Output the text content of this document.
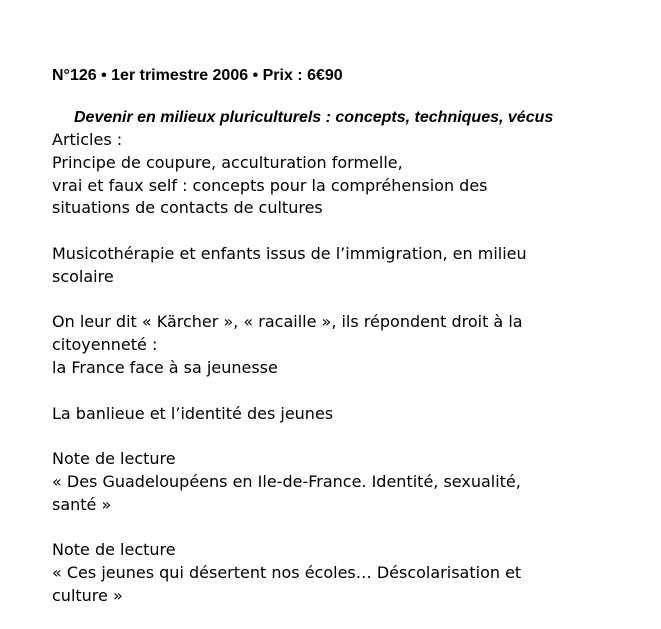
N°126 • 1er trimestre 2006 • Prix : 6€90

Devenir en milieux pluriculturels : concepts, techniques, vécus

Articles :
Principe de coupure, acculturation formelle,
vrai et faux self : concepts pour la compréhension des
situations de contacts de cultures
Musicothérapie et enfants issus de l’immigration, en milieu
scolaire
On leur dit « Kärcher », « racaille », ils répondent droit à la
citoyenneté :
la France face à sa jeunesse
La banlieue et l’identité des jeunes
Note de lecture
« Des Guadeloupéens en Ile-de-France. Identité, sexualité,
santé »
Note de lecture
« Ces jeunes qui désertent nos écoles… Déscolarisation et
culture »
